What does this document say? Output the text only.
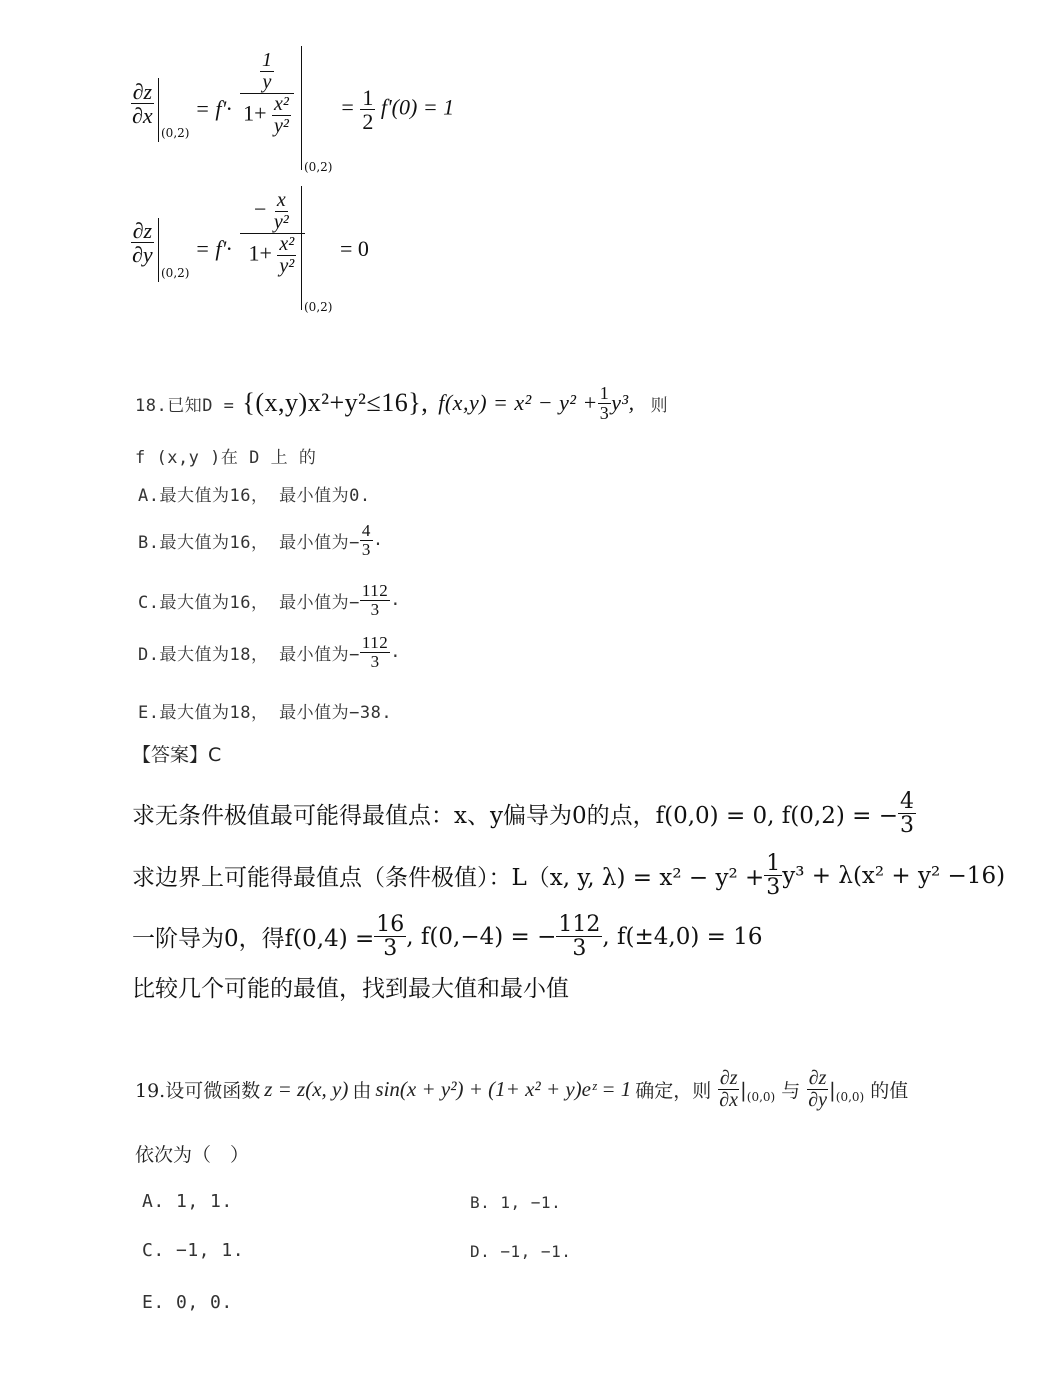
$\frac{\partial z}{\partial x}$
(0,2)
= $f'\cdot \frac{\frac{1}{y}}{1+ \frac{\text{x²}}{\text{y²}}}$
(0,2)
= $\frac{1}{2} f'(0) = 1$
$\frac{\partial z}{\partial y}$
(0,2)
= $f'\cdot \frac{- \frac{x}{\text{y²}}}{1+ \frac{\text{x²}}{\text{y²}}}$
(0,2)
= 0
18.已知D = {(x,y)x²+y²≤16}, $f(x,y) = x^2 - y^2 + \frac{1}{3} y^3$, 则
f (x,y )在 D 上 的
A.最大值为16， 最小值为0.
B.最大值为16， 最小值为− $\frac{4}{3}$ .
C.最大值为16， 最小值为− $\frac{112}{3}$ .
D.最大值为18， 最小值为− $\frac{112}{3}$ .
E.最大值为18， 最小值为−38.
【答案】C
求无条件极值最可能得最值点：x、y偏导为0的点，f(0,0) = 0, f(0,2) = − $\frac{4}{3}$
求边界上可能得最值点（条件极值）：L（x, y, $\lambda) = x^2 - y^2 + \frac{1}{3} y^3 + \lambda(x^2 + y^2 -16)$
一阶导为0，得$f(0,4) = \frac{16}{3}$ , f(0,−4) = − $\frac{112}{3}$ , f(±4,0) = 16
比较几个可能的最值，找到最大值和最小值
19.设可微函数 z = z(x, y) 由 sin(x + y²) + (1+ x² + y)eᶻ = 1 确定，则 $\frac{\partial z}{\partial x}$ | (0,0) 与 $\frac{\partial z}{\partial y}$ | (0,0) 的值
依次为（　）
A. 1, 1.	B. 1, −1.
C. −1, 1.	D. −1, −1.
E. 0, 0.
